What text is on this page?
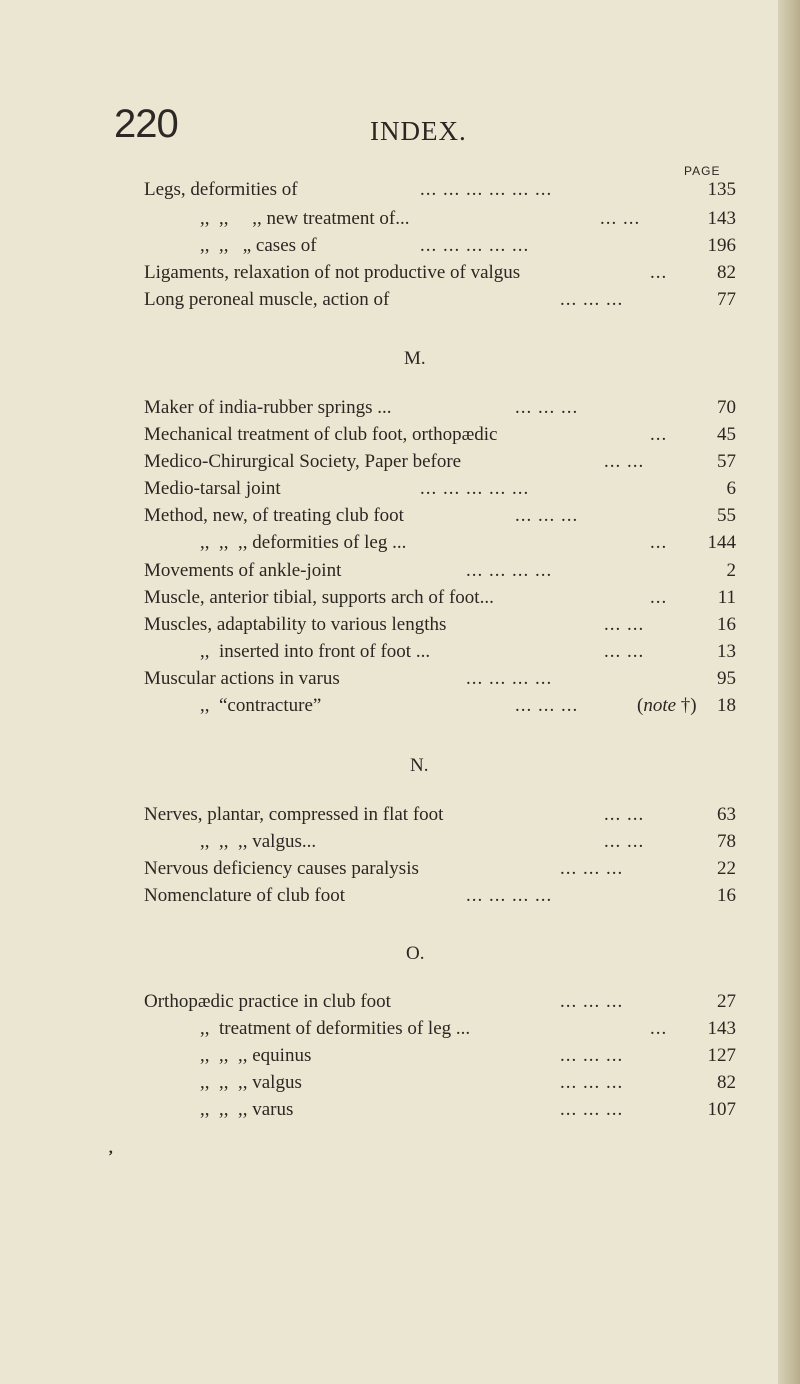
220	INDEX.
PAGE
Legs, deformities of	... ... ... ... ... ...	135
,,  ,,     ,, new treatment of...	... ...	143
,,  ,,   „ cases of	... ... ... ... ...	196
Ligaments, relaxation of not productive of valgus	...	82
Long peroneal muscle, action of	... ... ...	77
M.
Maker of india-rubber springs ...	... ... ...	70
Mechanical treatment of club foot, orthopædic	...	45
Medico-Chirurgical Society, Paper before	... ...	57
Medio-tarsal joint	... ... ... ... ...	6
Method, new, of treating club foot	... ... ...	55
,,  ,,  ,, deformities of leg ...	... 144
Movements of ankle-joint	... ... ... ...	2
Muscle, anterior tibial, supports arch of foot...	...	11
Muscles, adaptability to various lengths	... ...	16
,,  inserted into front of foot ...	... ...	13
Muscular actions in varus	... ... ... ...	95
,,  “contracture”	... ... ...	(note †) 18
N.
Nerves, plantar, compressed in flat foot	... ...	63
,,  ,,  ,, valgus...	... ...	78
Nervous deficiency causes paralysis	... ... ...	22
Nomenclature of club foot	... ... ... ...	16
O.
Orthopædic practice in club foot	... ... ...	27
,,  treatment of deformities of leg ...	... 143
,,  ,,  ,, equinus	... ... ...	127
,,  ,,  ,, valgus	... ... ...	82
,,  ,,  ,, varus	... ... ...	107
’
